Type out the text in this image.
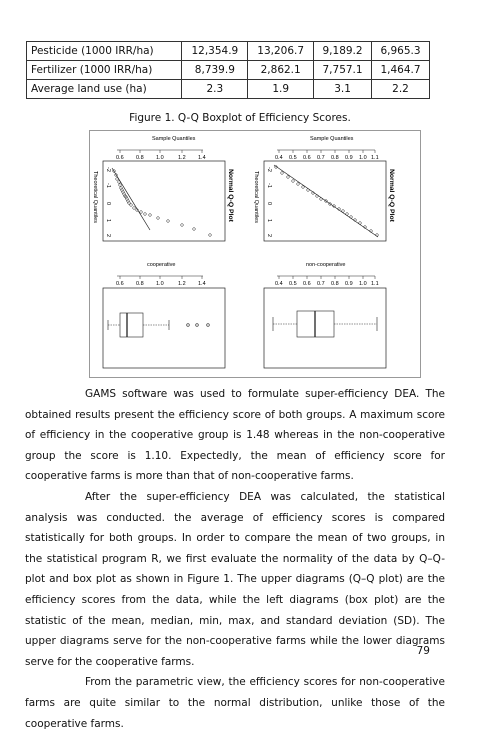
Pesticide (1000 IRR/ha)	12,354.9	13,206.7	9,189.2	6,965.3
Fertilizer (1000 IRR/ha)	8,739.9	2,862.1	7,757.1	1,464.7
Average land use (ha)	2.3	1.9	3.1	2.2
Figure 1. Q-Q Boxplot of Efficiency Scores.
Sample Quantiles
0.6 0.8 1.0	1.2 1.4
Theoretical Quantiles
-2
-1
0
1
2
Normal Q-Q Plot
Sample Quantiles
0.4 0.5 0.6 0.7 0.8 0.9 1.0 1.1
Theoretical Quantiles
-2
-1
0
1
2
Normal Q-Q Plot
cooperative
0.6 0.8 1.0	1.2 1.4
non-cooperative
0.4 0.5 0.6 0.7 0.8 0.9 1.0 1.1

GAMS software was used to formulate super-efficiency DEA. The obtained results present the efficiency score of both groups. A maximum score of efficiency in the cooperative group is 1.48 whereas in the non-cooperative group the score is 1.10. Expectedly, the mean of efficiency score for cooperative farms is more than that of non-cooperative farms.

After the super-efficiency DEA was calculated, the statistical analysis was conducted. the average of efficiency scores is compared statistically for both groups. In order to compare the mean of two groups, in the statistical program R, we first evaluate the normality of the data by Q–Q-plot and box plot as shown in Figure 1. The upper diagrams (Q–Q plot) are the efficiency scores from the data, while the left diagrams (box plot) are the statistic of the mean, median, min, max, and standard deviation (SD). The upper diagrams serve for the non-cooperative farms while the lower diagrams serve for the cooperative farms.

From the parametric view, the efficiency scores for non-cooperative farms are quite similar to the normal distribution, unlike those of the cooperative farms.

79
